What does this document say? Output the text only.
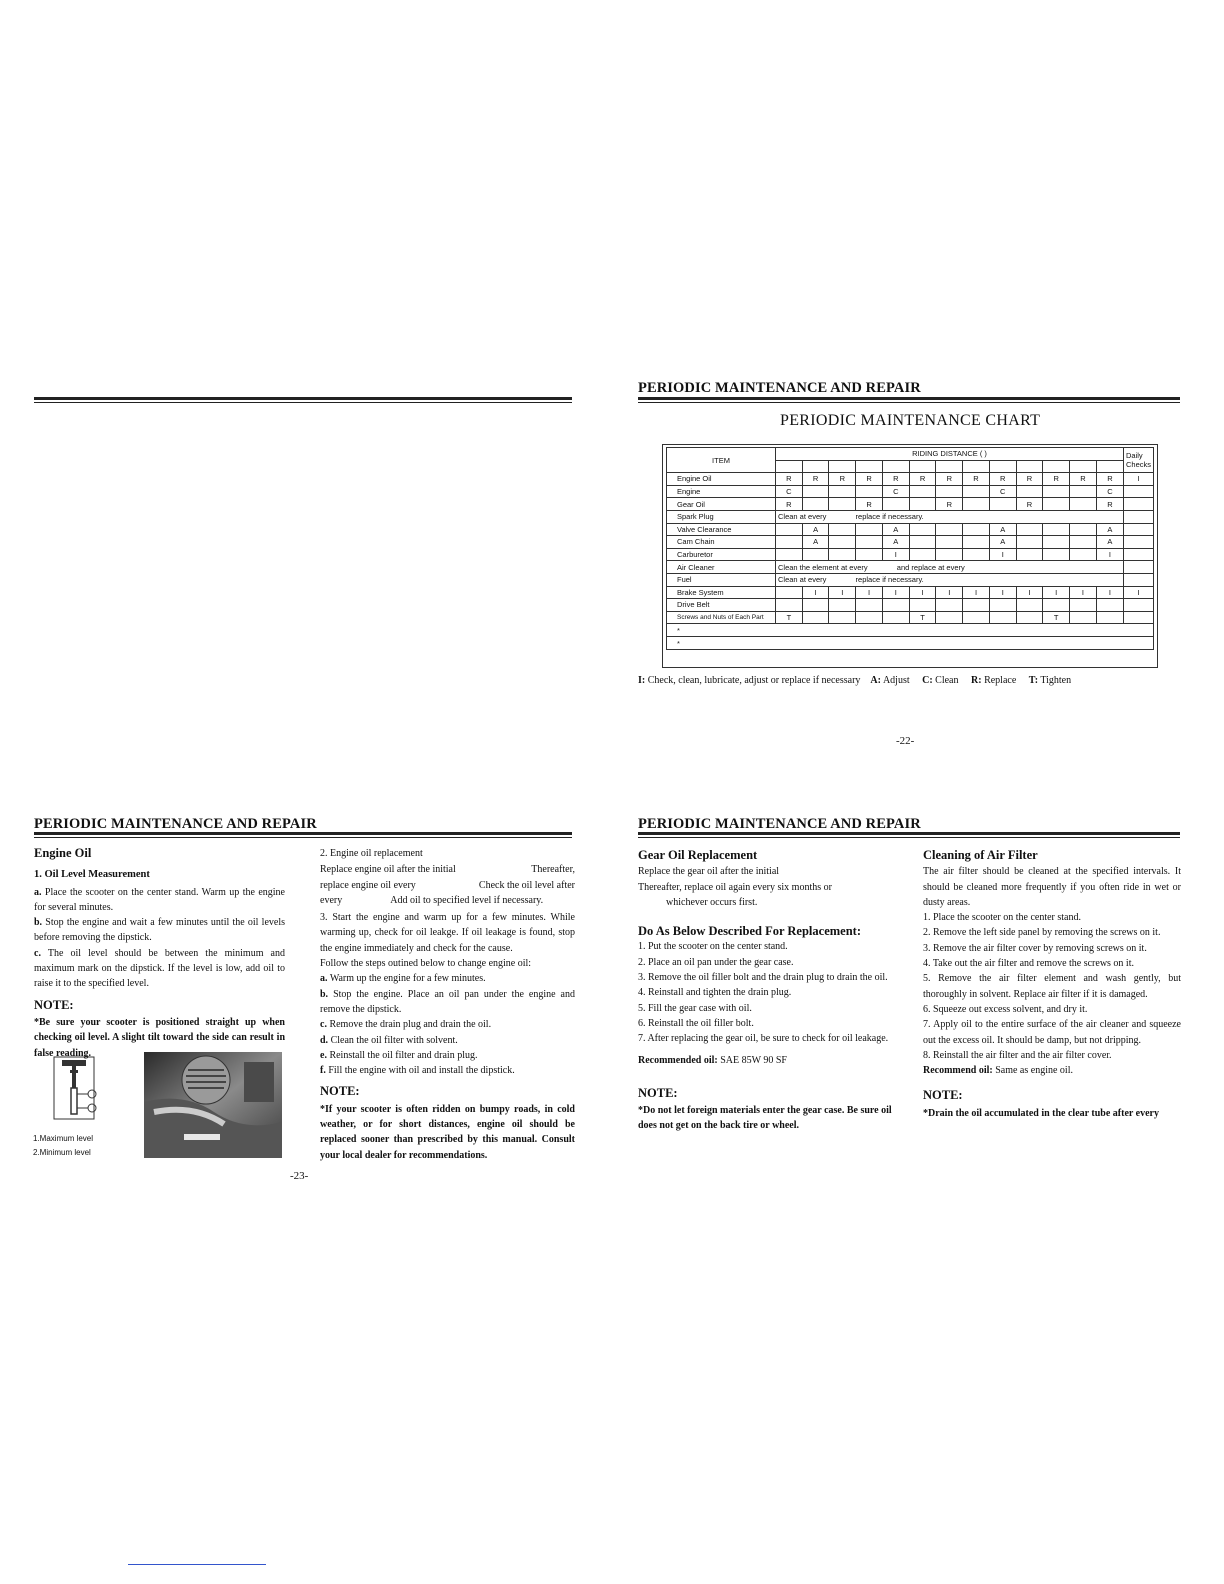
PERIODIC MAINTENANCE AND REPAIR
PERIODIC MAINTENANCE CHART
ITEM	RIDING DISTANCE ( )													Daily Checks

Engine Oil	R	R	R	R	R	R	R	R	R	R	R	R	R	I
Engine	C				C				C				C	
Gear Oil	R			R			R			R			R	
Spark Plug	Clean at every              replace if necessary.													
Valve Clearance		A			A				A				A	
Cam Chain		A			A				A				A	
Carburetor					I				I				I	
Air Cleaner	Clean the element at every              and replace at every													
Fuel	Clean at every              replace if necessary.													
Brake System		I	I	I	I	I	I	I	I	I	I	I	I	I
Drive Belt														
Screws and Nuts of Each Part	T					T					T			
*														
*														
I: Check, clean, lubricate, adjust or replace if necessary A: Adjust C: Clean R: Replace T: Tighten
-22-
PERIODIC MAINTENANCE AND REPAIR

Engine Oil

1. Oil Level Measurement

a. Place the scooter on the center stand. Warm up the engine for several minutes.

b. Stop the engine and wait a few minutes until the oil levels before removing the dipstick.

c. The oil level should be between the minimum and maximum mark on the dipstick. If the level is low, add oil to raise it to the specified level.

NOTE:

*Be sure your scooter is positioned straight up when checking oil level. A slight tilt toward the side can result in false reading.

1.Maximum level
2.Minimum level

2. Engine oil replacement

Replace engine oil after the initial	Thereafter,

replace engine oil every	Check the oil level after

every	Add oil to specified level if necessary.

3. Start the engine and warm up for a few minutes. While warming up, check for oil leakge. If oil leakage is found, stop the engine immediately and check for the cause.

Follow the steps outined below to change engine oil:

a. Warm up the engine for a few minutes.

b. Stop the engine. Place an oil pan under the engine and remove the dipstick.

c. Remove the drain plug and drain the oil.

d. Clean the oil filter with solvent.

e. Reinstall the oil filter and drain plug.

f. Fill the engine with oil and install the dipstick.

NOTE:

*If your scooter is often ridden on bumpy roads, in cold weather, or for short distances, engine oil should be replaced sooner than prescribed by this manual. Consult your local dealer for recommendations.

-23-
PERIODIC MAINTENANCE AND REPAIR

Gear Oil Replacement

Replace the gear oil after the initial

Thereafter, replace oil again every six months or

whichever occurs first.

Do As Below Described For Replacement:

1. Put the scooter on the center stand.

2. Place an oil pan under the gear case.

3. Remove the oil filler bolt and the drain plug to drain the oil.

4. Reinstall and tighten the drain plug.

5. Fill the gear case with oil.

6. Reinstall the oil filler bolt.

7. After replacing the gear oil, be sure to check for oil leakage.

Recommended oil: SAE 85W 90 SF

NOTE:

*Do not let foreign materials enter the gear case. Be sure oil does not get on the back tire or wheel.

Cleaning of Air Filter

The air filter should be cleaned at the specified intervals. It should be cleaned more frequently if you often ride in wet or dusty areas.

1. Place the scooter on the center stand.

2. Remove the left side panel by removing the screws on it.

3. Remove the air filter cover by removing screws on it.

4. Take out the air filter and remove the screws on it.

5. Remove the air filter element and wash gently, but thoroughly in solvent. Replace air filter if it is damaged.

6. Squeeze out excess solvent, and dry it.

7. Apply oil to the entire surface of the air cleaner and squeeze out the excess oil. It should be damp, but not dripping.

8. Reinstall the air filter and the air filter cover.

Recommend oil: Same as engine oil.

NOTE:

*Drain the oil accumulated in the clear tube after every
